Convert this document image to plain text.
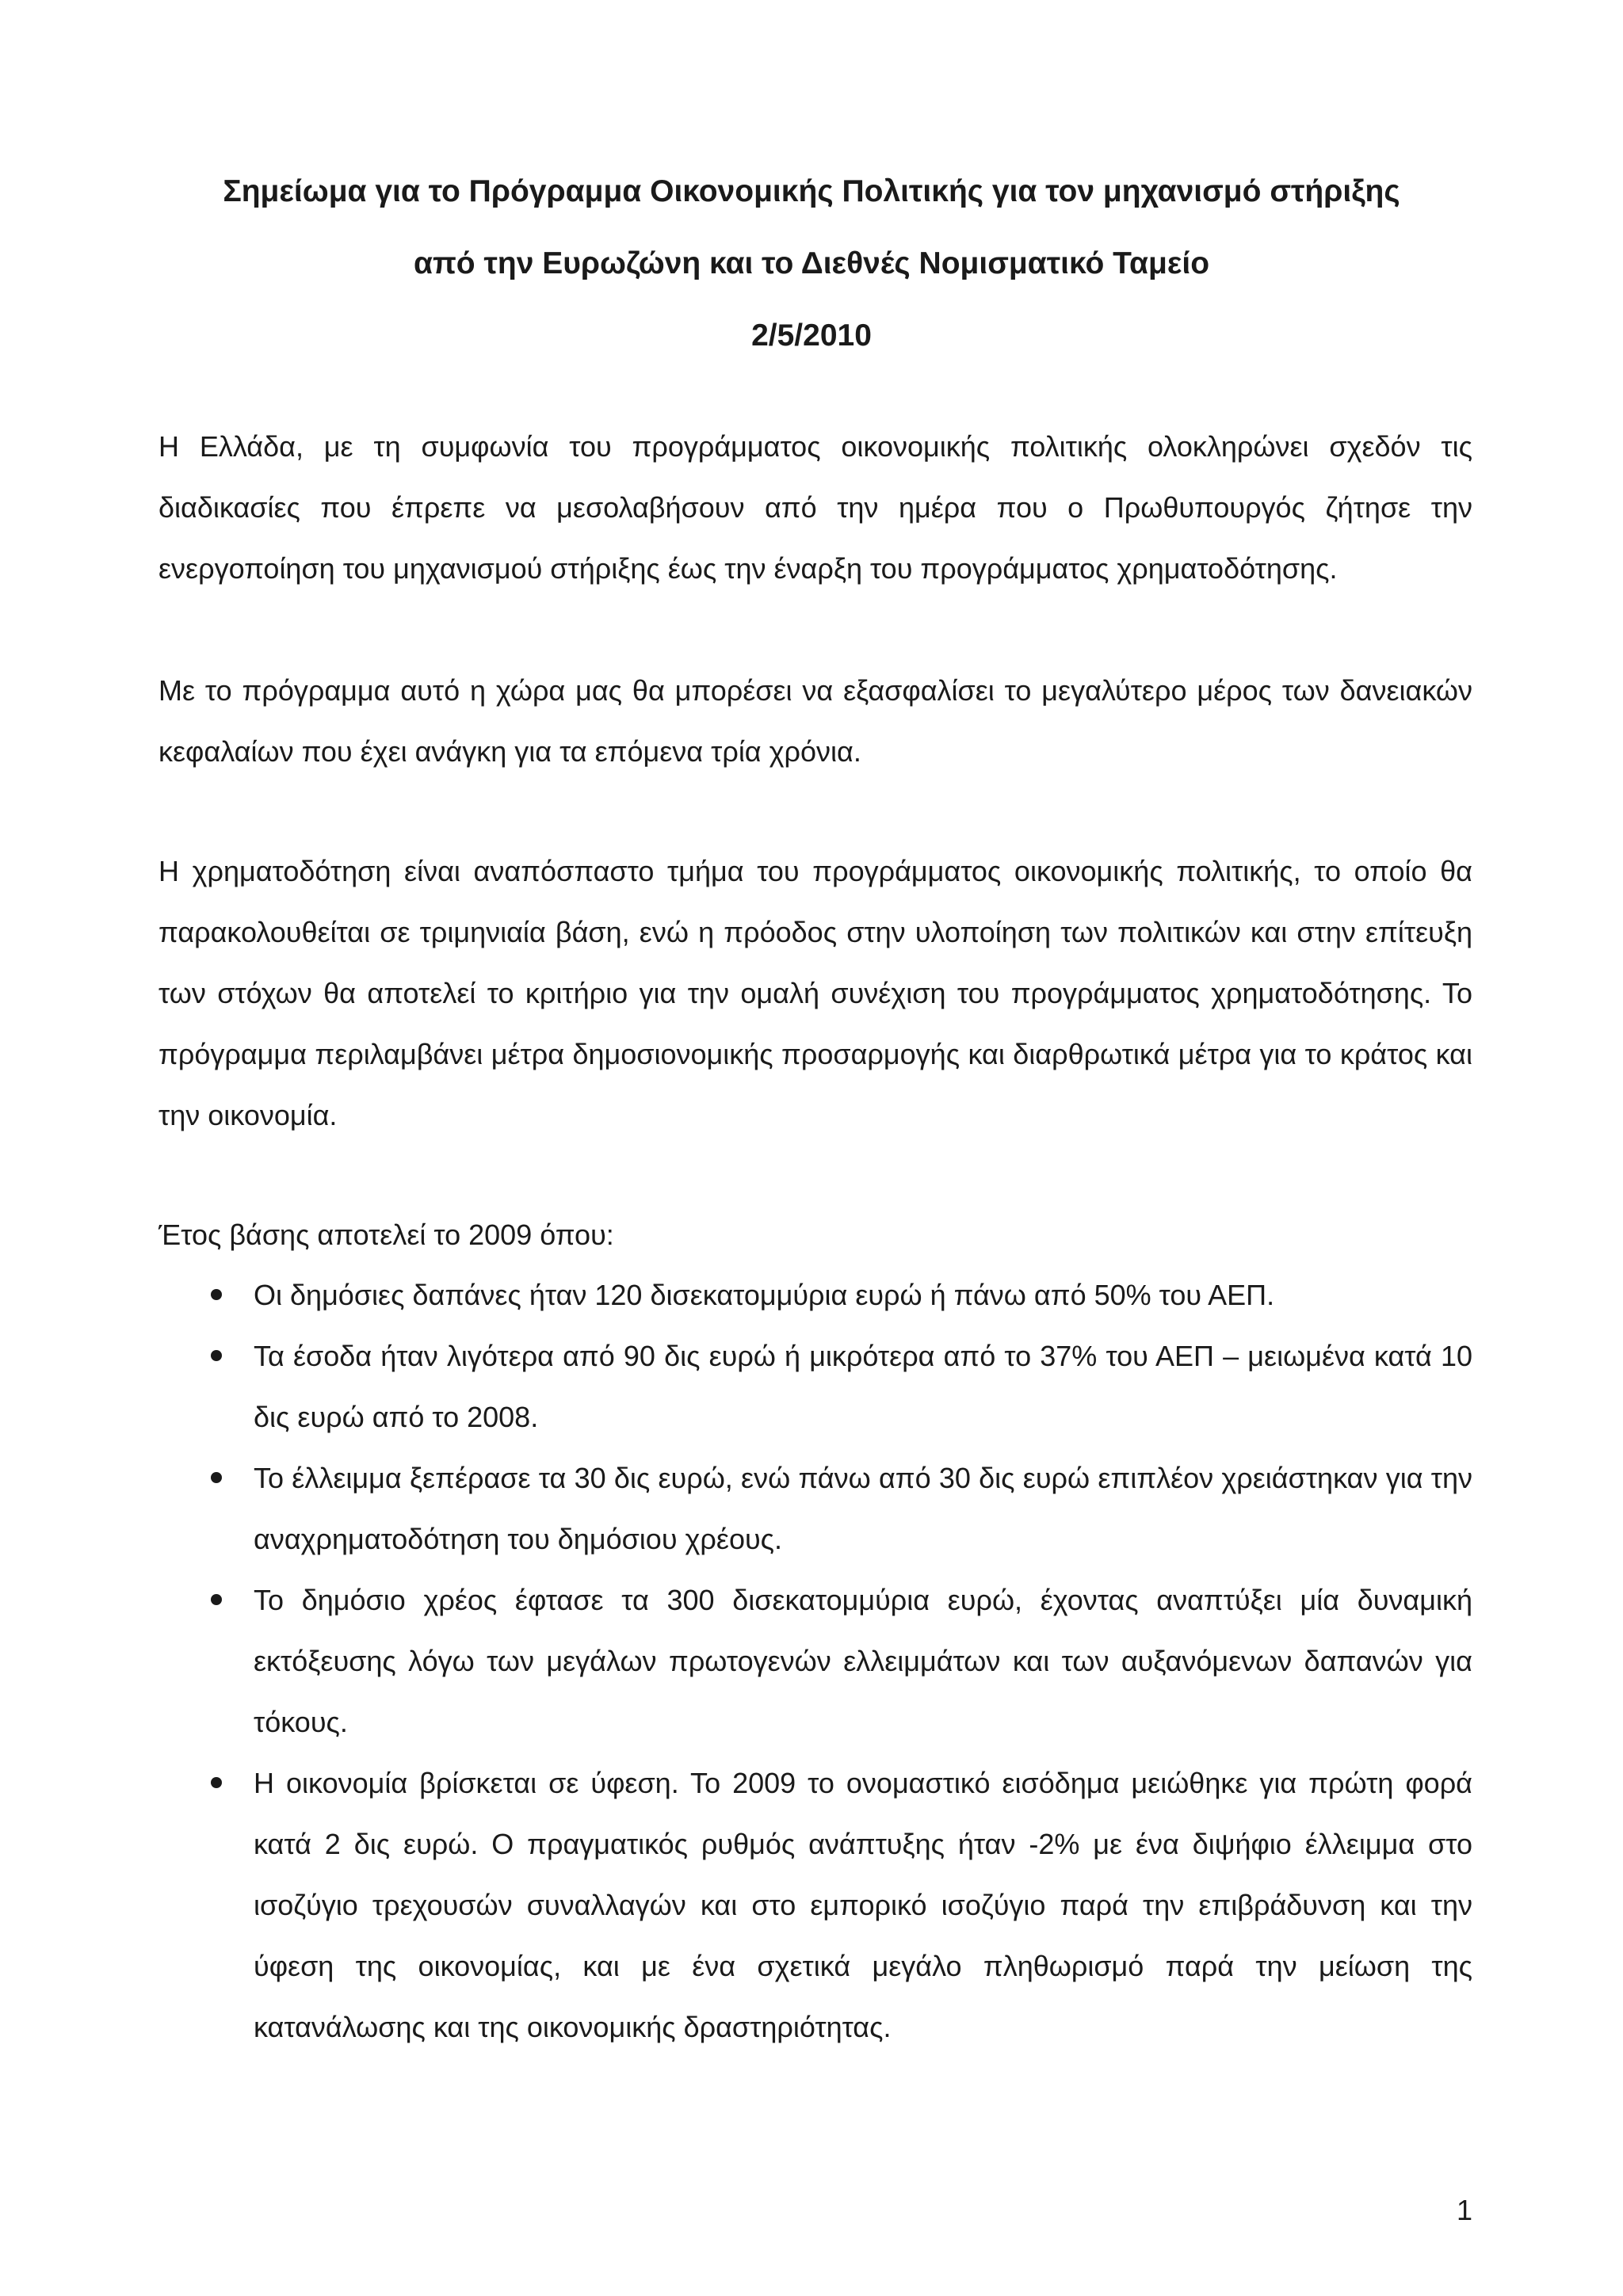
Σημείωμα για το Πρόγραμμα Οικονομικής Πολιτικής για τον μηχανισμό στήριξης
από την Ευρωζώνη και το Διεθνές Νομισματικό Ταμείο
2/5/2010

Η Ελλάδα, με τη συμφωνία του προγράμματος οικονομικής πολιτικής ολοκληρώνει σχεδόν τις διαδικασίες που έπρεπε να μεσολαβήσουν από την ημέρα που ο Πρωθυπουργός ζήτησε την ενεργοποίηση του μηχανισμού στήριξης έως την έναρξη του προγράμματος χρηματοδότησης.

Με το πρόγραμμα αυτό η χώρα μας θα μπορέσει να εξασφαλίσει το μεγαλύτερο μέρος των δανειακών κεφαλαίων που έχει ανάγκη για τα επόμενα τρία χρόνια.

Η χρηματοδότηση είναι αναπόσπαστο τμήμα του προγράμματος οικονομικής πολιτικής, το οποίο θα παρακολουθείται σε τριμηνιαία βάση, ενώ η πρόοδος στην υλοποίηση των πολιτικών και στην επίτευξη των στόχων θα αποτελεί το κριτήριο για την ομαλή συνέχιση του προγράμματος χρηματοδότησης. Το πρόγραμμα περιλαμβάνει μέτρα δημοσιονομικής προσαρμογής και διαρθρωτικά μέτρα για το κράτος και την οικονομία.

Έτος βάσης αποτελεί το 2009 όπου:

Οι δημόσιες δαπάνες ήταν 120 δισεκατομμύρια ευρώ ή πάνω από 50% του ΑΕΠ.
Τα έσοδα ήταν λιγότερα από 90 δις ευρώ ή μικρότερα από το 37% του ΑΕΠ – μειωμένα κατά 10 δις ευρώ από το 2008.
Το έλλειμμα ξεπέρασε τα 30 δις ευρώ, ενώ πάνω από 30 δις ευρώ επιπλέον χρειάστηκαν για την αναχρηματοδότηση του δημόσιου χρέους.
Το δημόσιο χρέος έφτασε τα 300 δισεκατομμύρια ευρώ, έχοντας αναπτύξει μία δυναμική εκτόξευσης λόγω των μεγάλων πρωτογενών ελλειμμάτων και των αυξανόμενων δαπανών για τόκους.
Η οικονομία βρίσκεται σε ύφεση. Το 2009 το ονομαστικό εισόδημα μειώθηκε για πρώτη φορά κατά 2 δις ευρώ. Ο πραγματικός ρυθμός ανάπτυξης ήταν -2% με ένα διψήφιο έλλειμμα στο ισοζύγιο τρεχουσών συναλλαγών και στο εμπορικό ισοζύγιο παρά την επιβράδυνση και την ύφεση της οικονομίας, και με ένα σχετικά μεγάλο πληθωρισμό παρά την μείωση της κατανάλωσης και της οικονομικής δραστηριότητας.
1
